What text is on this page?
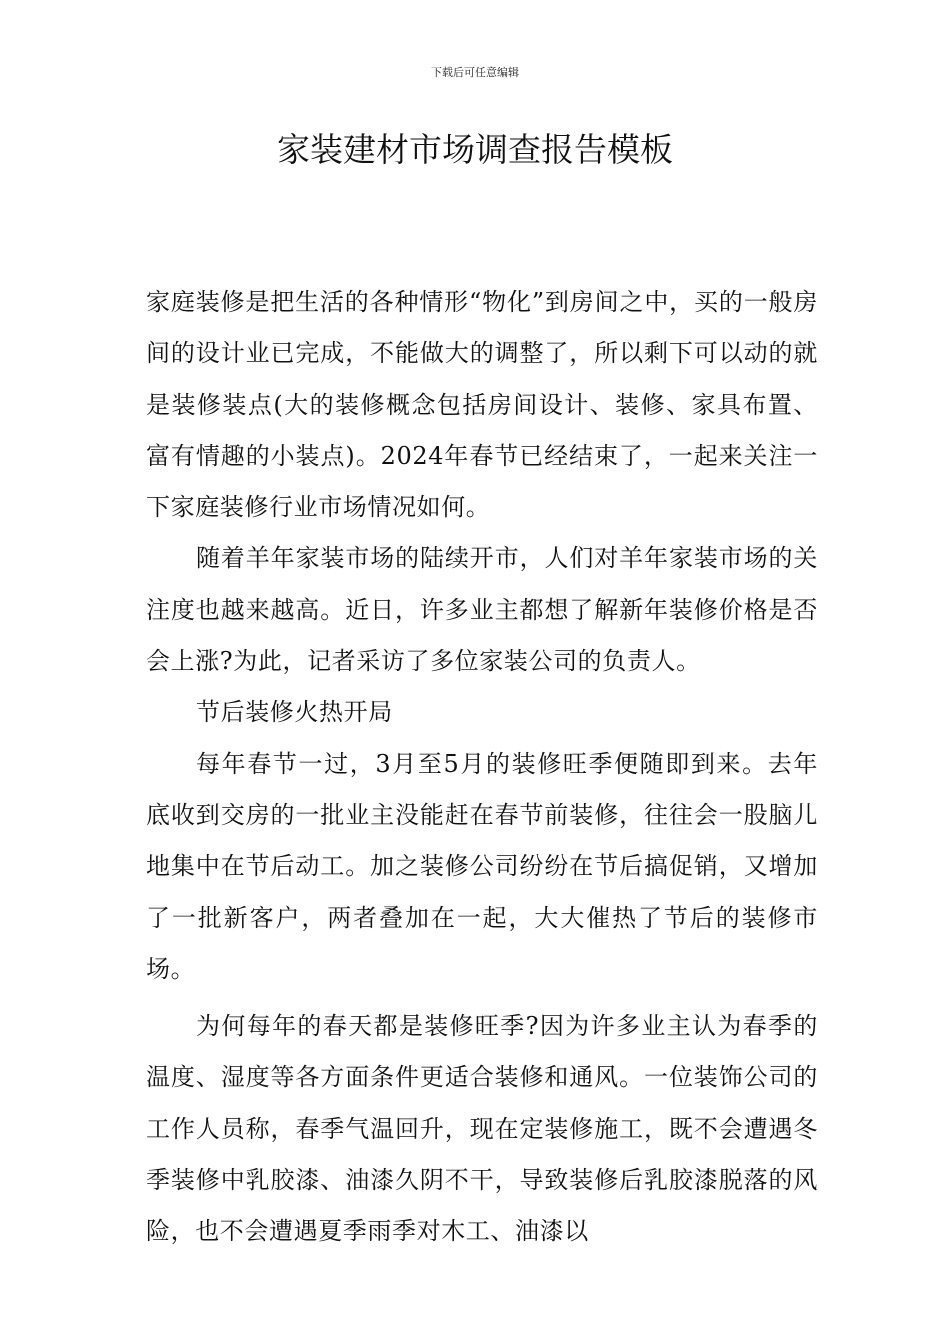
下载后可任意编辑
家装建材市场调查报告模板

家庭装修是把生活的各种情形“物化”到房间之中，买的一般房间的设计业已完成，不能做大的调整了，所以剩下可以动的就是装修装点(大的装修概念包括房间设计、装修、家具布置、富有情趣的小装点)。2024年春节已经结束了，一起来关注一下家庭装修行业市场情况如何。

随着羊年家装市场的陆续开市，人们对羊年家装市场的关注度也越来越高。近日，许多业主都想了解新年装修价格是否会上涨?为此，记者采访了多位家装公司的负责人。

节后装修火热开局

每年春节一过，3月至5月的装修旺季便随即到来。去年底收到交房的一批业主没能赶在春节前装修，往往会一股脑儿地集中在节后动工。加之装修公司纷纷在节后搞促销，又增加了一批新客户，两者叠加在一起，大大催热了节后的装修市场。

为何每年的春天都是装修旺季?因为许多业主认为春季的温度、湿度等各方面条件更适合装修和通风。一位装饰公司的工作人员称，春季气温回升，现在定装修施工，既不会遭遇冬季装修中乳胶漆、油漆久阴不干，导致装修后乳胶漆脱落的风险，也不会遭遇夏季雨季对木工、油漆以
